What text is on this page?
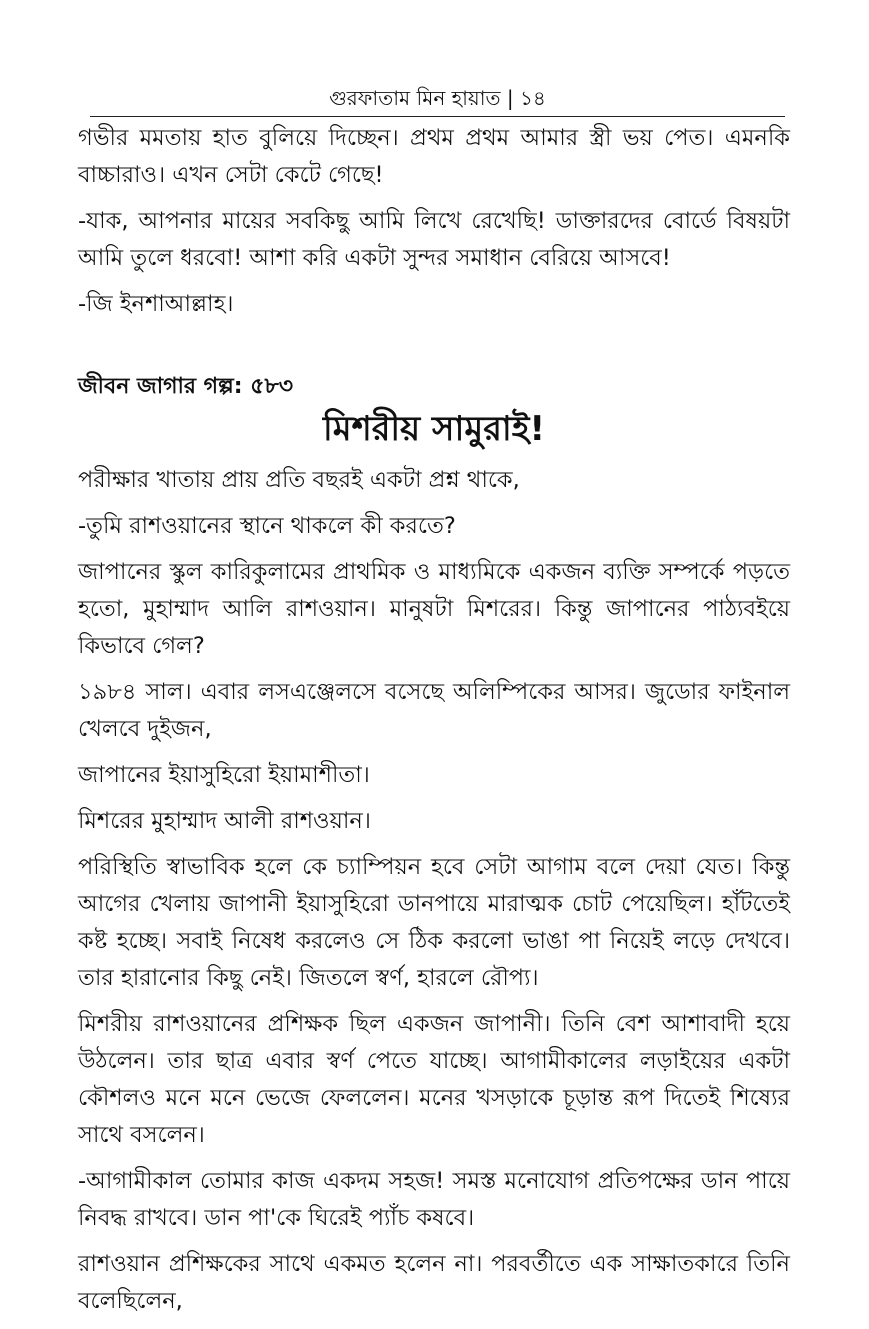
গুরফাতাম মিন হায়াত | ১৪

গভীর মমতায় হাত বুলিয়ে দিচ্ছেন। প্রথম প্রথম আমার স্ত্রী ভয় পেত। এমনকি বাচ্চারাও। এখন সেটা কেটে গেছে!

-যাক, আপনার মায়ের সবকিছু আমি লিখে রেখেছি! ডাক্তারদের বোর্ডে বিষয়টা আমি তুলে ধরবো! আশা করি একটা সুন্দর সমাধান বেরিয়ে আসবে!

-জি ইনশাআল্লাহ।

জীবন জাগার গল্প: ৫৮৩
মিশরীয় সামুরাই!

পরীক্ষার খাতায় প্রায় প্রতি বছরই একটা প্রশ্ন থাকে,

-তুমি রাশওয়ানের স্থানে থাকলে কী করতে?

জাপানের স্কুল কারিকুলামের প্রাথমিক ও মাধ্যমিকে একজন ব্যক্তি সম্পর্কে পড়তে হতো, মুহাম্মাদ আলি রাশওয়ান। মানুষটা মিশরের। কিন্তু জাপানের পাঠ্যবইয়ে কিভাবে গেল?

১৯৮৪ সাল। এবার লসএঞ্জেলসে বসেছে অলিম্পিকের আসর। জুডোর ফাইনাল খেলবে দুইজন,

জাপানের ইয়াসুহিরো ইয়ামাশীতা।

মিশরের মুহাম্মাদ আলী রাশওয়ান।

পরিস্থিতি স্বাভাবিক হলে কে চ্যাম্পিয়ন হবে সেটা আগাম বলে দেয়া যেত। কিন্তু আগের খেলায় জাপানী ইয়াসুহিরো ডানপায়ে মারাত্মক চোট পেয়েছিল। হাঁটতেই কষ্ট হচ্ছে। সবাই নিষেধ করলেও সে ঠিক করলো ভাঙা পা নিয়েই লড়ে দেখবে। তার হারানোর কিছু নেই। জিতলে স্বর্ণ, হারলে রৌপ্য।

মিশরীয় রাশওয়ানের প্রশিক্ষক ছিল একজন জাপানী। তিনি বেশ আশাবাদী হয়ে উঠলেন। তার ছাত্র এবার স্বর্ণ পেতে যাচ্ছে। আগামীকালের লড়াইয়ের একটা কৌশলও মনে মনে ভেজে ফেললেন। মনের খসড়াকে চূড়ান্ত রূপ দিতেই শিষ্যের সাথে বসলেন।

-আগামীকাল তোমার কাজ একদম সহজ! সমস্ত মনোযোগ প্রতিপক্ষের ডান পায়ে নিবদ্ধ রাখবে। ডান পা'কে ঘিরেই প্যাঁচ কষবে।

রাশওয়ান প্রশিক্ষকের সাথে একমত হলেন না। পরবর্তীতে এক সাক্ষাতকারে তিনি বলেছিলেন,
